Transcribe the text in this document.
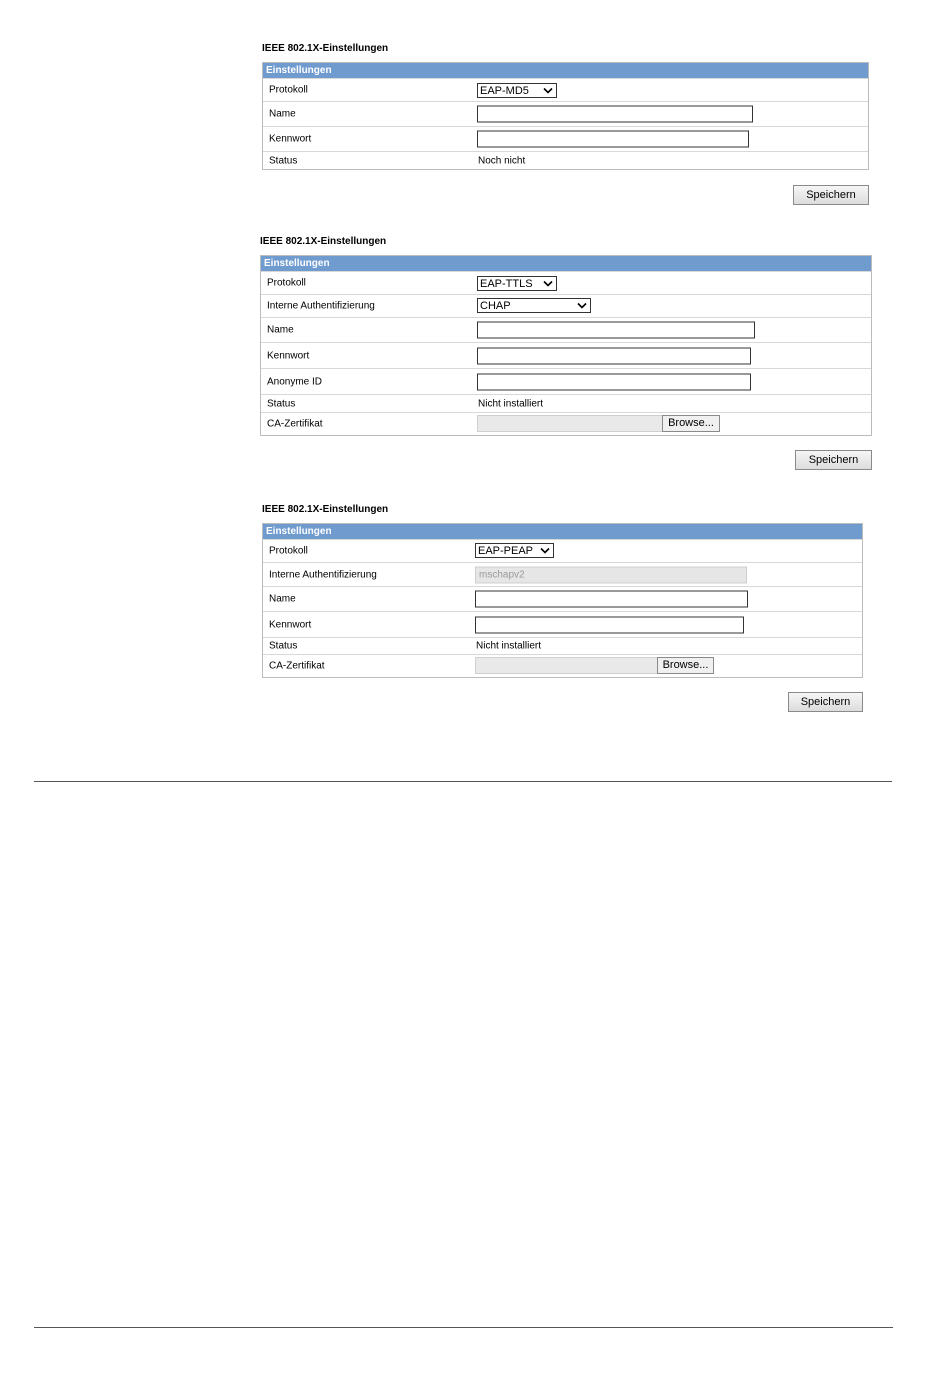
IEEE 802.1X-Einstellungen
Einstellungen
Protokoll	EAP-MD5
Name
Kennwort
Status	Noch nicht
Speichern
IEEE 802.1X-Einstellungen
Einstellungen
Protokoll	EAP-TTLS
Interne Authentifizierung	CHAP
Name
Kennwort
Anonyme ID
Status	Nicht installiert
CA-Zertifikat	Browse...
Speichern
IEEE 802.1X-Einstellungen
Einstellungen
Protokoll	EAP-PEAP
Interne Authentifizierung	mschapv2
Name
Kennwort
Status	Nicht installiert
CA-Zertifikat	Browse...
Speichern
